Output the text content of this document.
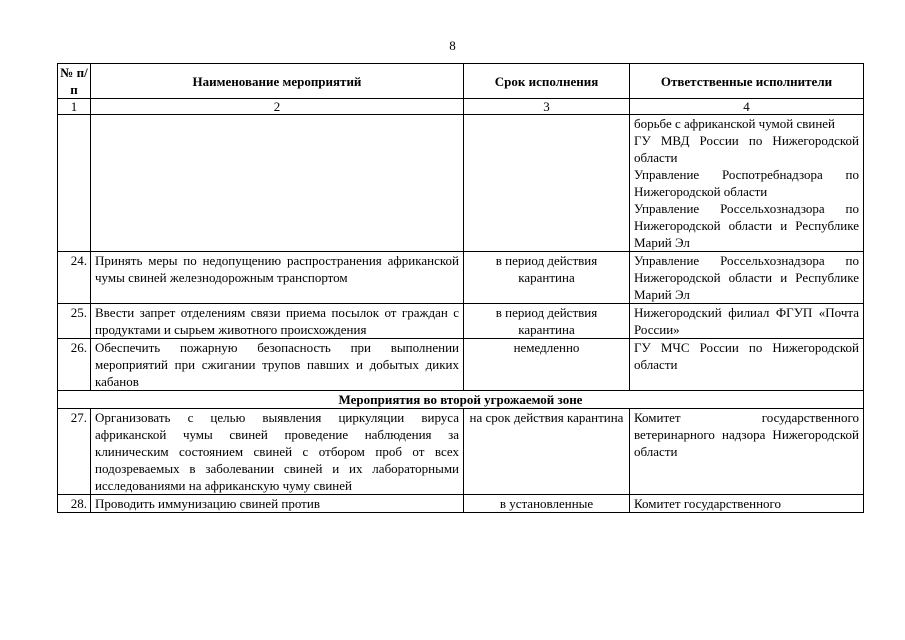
8
№ п/п	Наименование мероприятий	Срок исполнения	Ответственные исполнители
1	2	3	4

			борьбе с африканской чумой свиней
ГУ МВД России по Нижегородской области
Управление Роспотребнадзора по Нижегородской области
Управление Россельхознадзора по Нижегородской области и Республике Марий Эл

24.	Принять меры по недопущению распространения африканской чумы свиней железнодорожным транспортом	в период действия карантина	Управление Россельхознадзора по Нижегородской области и Республике Марий Эл
25.	Ввести запрет отделениям связи приема посылок от граждан с продуктами и сырьем животного происхождения	в период действия карантина	Нижегородский филиал ФГУП «Почта России»
26.	Обеспечить пожарную безопасность при выполнении мероприятий при сжигании трупов павших и добытых диких кабанов	немедленно	ГУ МЧС России по Нижегородской области
Мероприятия во второй угрожаемой зоне			
27.	Организовать с целью выявления циркуляции вируса африканской чумы свиней проведение наблюдения за клиническим состоянием свиней с отбором проб от всех подозреваемых в заболевании свиней и их лабораторными исследованиями на африканскую чуму свиней	на срок действия карантина	Комитет государственного ветеринарного надзора Нижегородской области
28.	Проводить иммунизацию свиней против	в установленные	Комитет государственного
